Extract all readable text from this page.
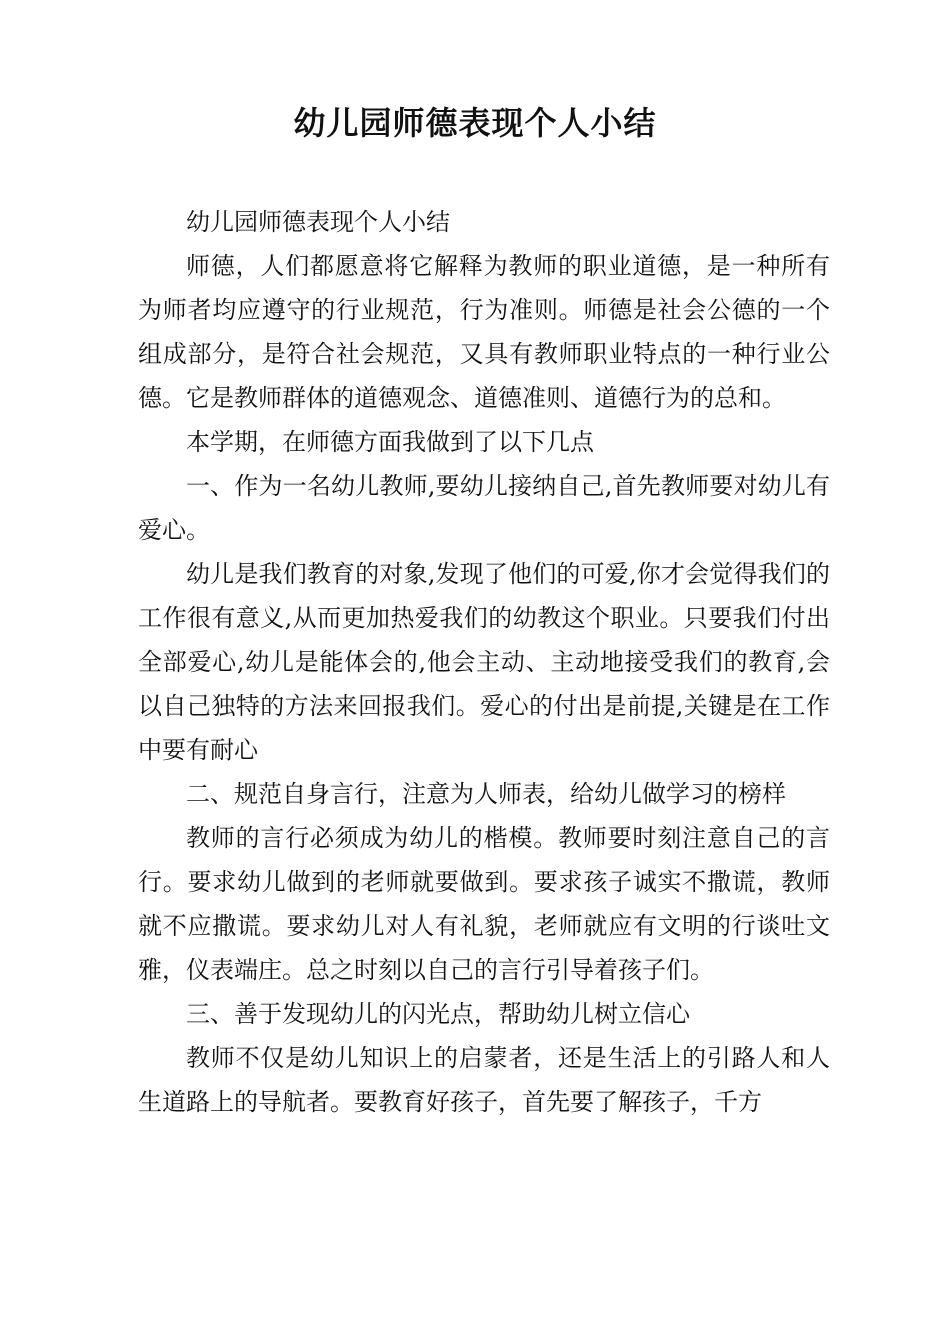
幼儿园师德表现个人小结

幼儿园师德表现个人小结

师德，人们都愿意将它解释为教师的职业道德，是一种所有为师者均应遵守的行业规范，行为准则。师德是社会公德的一个组成部分，是符合社会规范，又具有教师职业特点的一种行业公德。它是教师群体的道德观念、道德准则、道德行为的总和。

本学期，在师德方面我做到了以下几点

一、作为一名幼儿教师,要幼儿接纳自己,首先教师要对幼儿有爱心。

幼儿是我们教育的对象,发现了他们的可爱,你才会觉得我们的工作很有意义,从而更加热爱我们的幼教这个职业。只要我们付出全部爱心,幼儿是能体会的,他会主动、主动地接受我们的教育,会以自己独特的方法来回报我们。爱心的付出是前提,关键是在工作中要有耐心

二、规范自身言行，注意为人师表，给幼儿做学习的榜样

教师的言行必须成为幼儿的楷模。教师要时刻注意自己的言行。要求幼儿做到的老师就要做到。要求孩子诚实不撒谎，教师就不应撒谎。要求幼儿对人有礼貌，老师就应有文明的行谈吐文雅，仪表端庄。总之时刻以自己的言行引导着孩子们。

三、善于发现幼儿的闪光点，帮助幼儿树立信心

教师不仅是幼儿知识上的启蒙者，还是生活上的引路人和人生道路上的导航者。要教育好孩子，首先要了解孩子，千方
